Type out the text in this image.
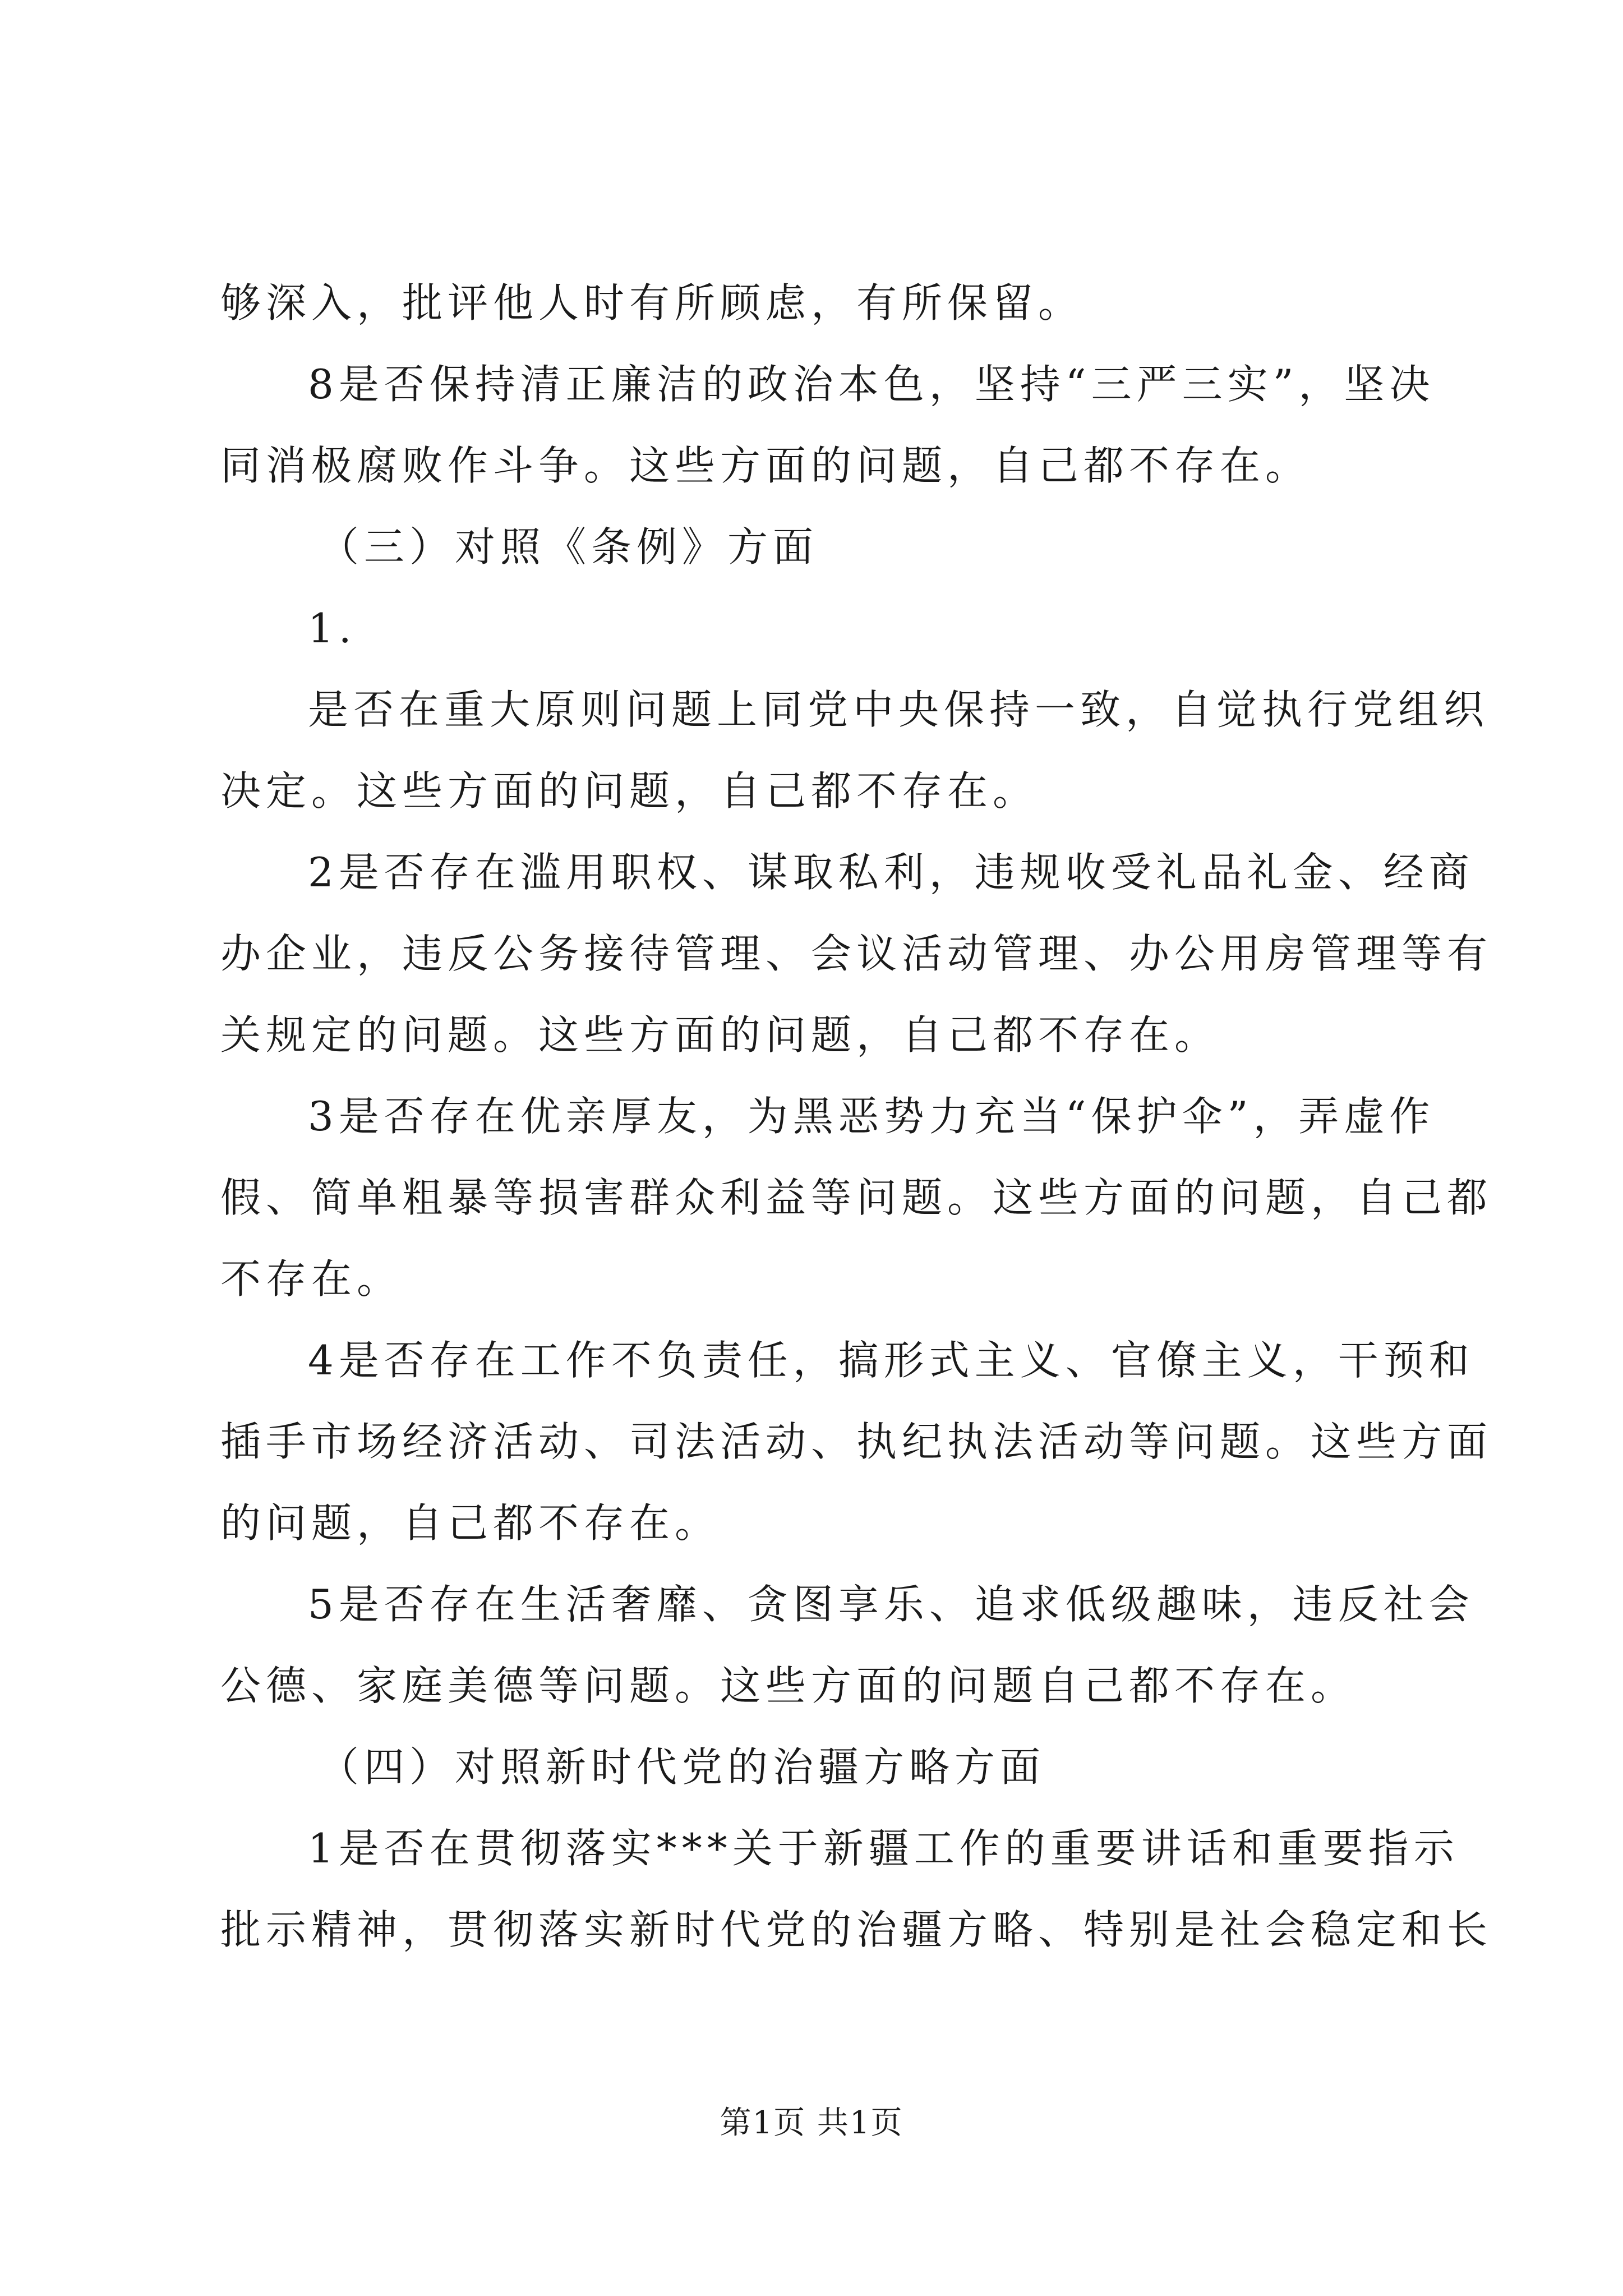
够深入，批评他人时有所顾虑，有所保留。
8是否保持清正廉洁的政治本色，坚持“三严三实”，坚决
同消极腐败作斗争。这些方面的问题，自己都不存在。
（三）对照《条例》方面
1.
是否在重大原则问题上同党中央保持一致，自觉执行党组织
决定。这些方面的问题，自己都不存在。
2是否存在滥用职权、谋取私利，违规收受礼品礼金、经商
办企业，违反公务接待管理、会议活动管理、办公用房管理等有
关规定的问题。这些方面的问题，自己都不存在。
3是否存在优亲厚友，为黑恶势力充当“保护伞”，弄虚作
假、简单粗暴等损害群众利益等问题。这些方面的问题，自己都
不存在。
4是否存在工作不负责任，搞形式主义、官僚主义，干预和
插手市场经济活动、司法活动、执纪执法活动等问题。这些方面
的问题，自己都不存在。
5是否存在生活奢靡、贪图享乐、追求低级趣味，违反社会
公德、家庭美德等问题。这些方面的问题自己都不存在。
（四）对照新时代党的治疆方略方面
1是否在贯彻落实***关于新疆工作的重要讲话和重要指示
批示精神，贯彻落实新时代党的治疆方略、特别是社会稳定和长
第1页 共1页
